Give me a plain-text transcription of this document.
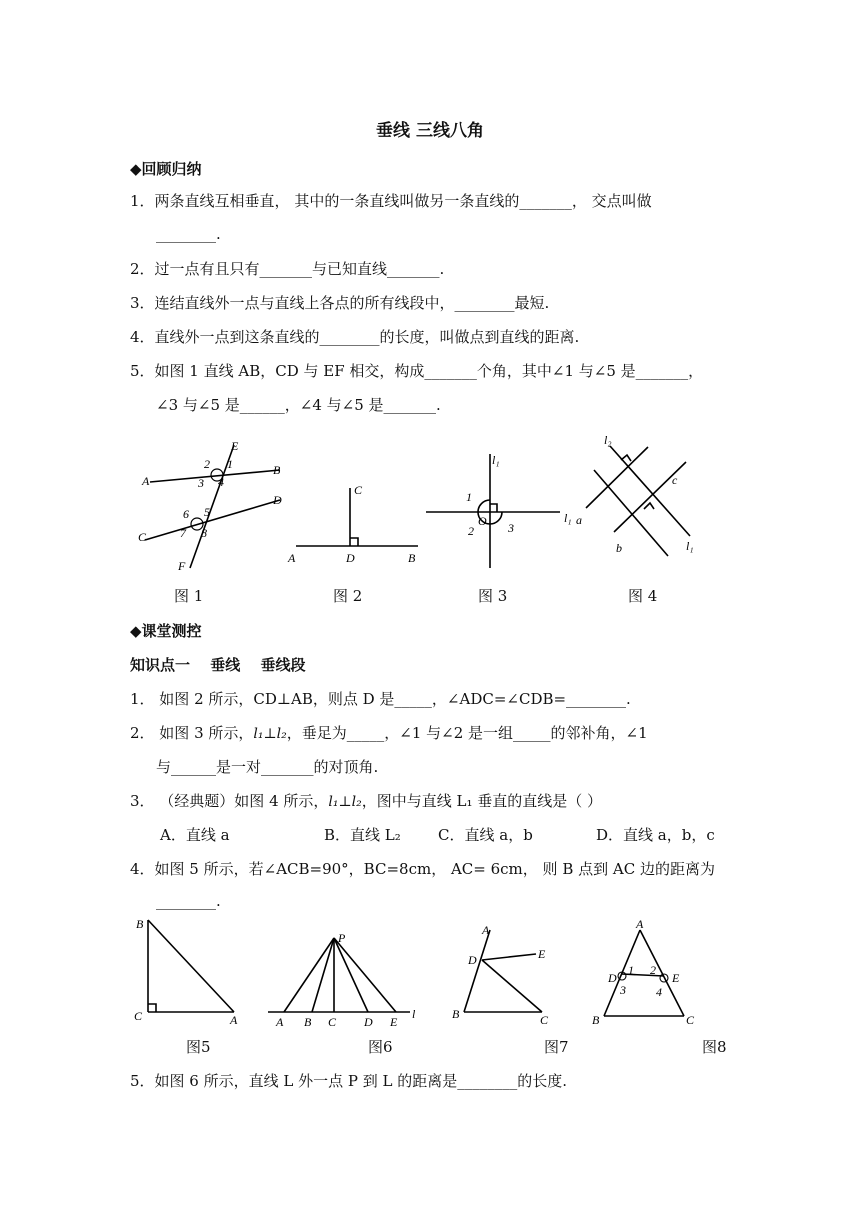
垂线 三线八角
◆回顾归纳
1．两条直线互相垂直， 其中的一条直线叫做另一条直线的_______， 交点叫做
________.
2．过一点有且只有_______与已知直线_______.
3．连结直线外一点与直线上各点的所有线段中，________最短.
4．直线外一点到这条直线的________的长度，叫做点到直线的距离.
5．如图 1 直线 AB，CD 与 EF 相交，构成_______个角，其中∠1 与∠5 是_______，
∠3 与∠5 是______，∠4 与∠5 是_______.
E
2 1
A
B
3 4
D
6 5
C	7 8
F
C
A	D	B
l₁
1
O 3
2
l₁
l₂
c
a
b	l₁
图 1	图 2	图 3	图 4
◆课堂测控
知识点一　 垂线　 垂线段
1． 如图 2 所示，CD⊥AB，则点 D 是_____，∠ADC=∠CDB=________.
2． 如图 3 所示，l₁⊥l₂，垂足为_____，∠1 与∠2 是一组_____的邻补角，∠1
与______是一对_______的对顶角.
3． （经典题）如图 4 所示，l₁⊥l₂，图中与直线 L₁ 垂直的直线是（ ）
A．直线 a	B．直线 L₂ C．直线 a，b	D．直线 a，b，c
4．如图 5 所示，若∠ACB=90°，BC=8cm， AC= 6cm， 则 B 点到 AC 边的距离为
________.
B
C	A
P
A B C D E
l
A
D	E
B	C
A
D
1 2
E
3	4
B	C
图5	图6	图7	图8
5．如图 6 所示，直线 L 外一点 P 到 L 的距离是________的长度.
